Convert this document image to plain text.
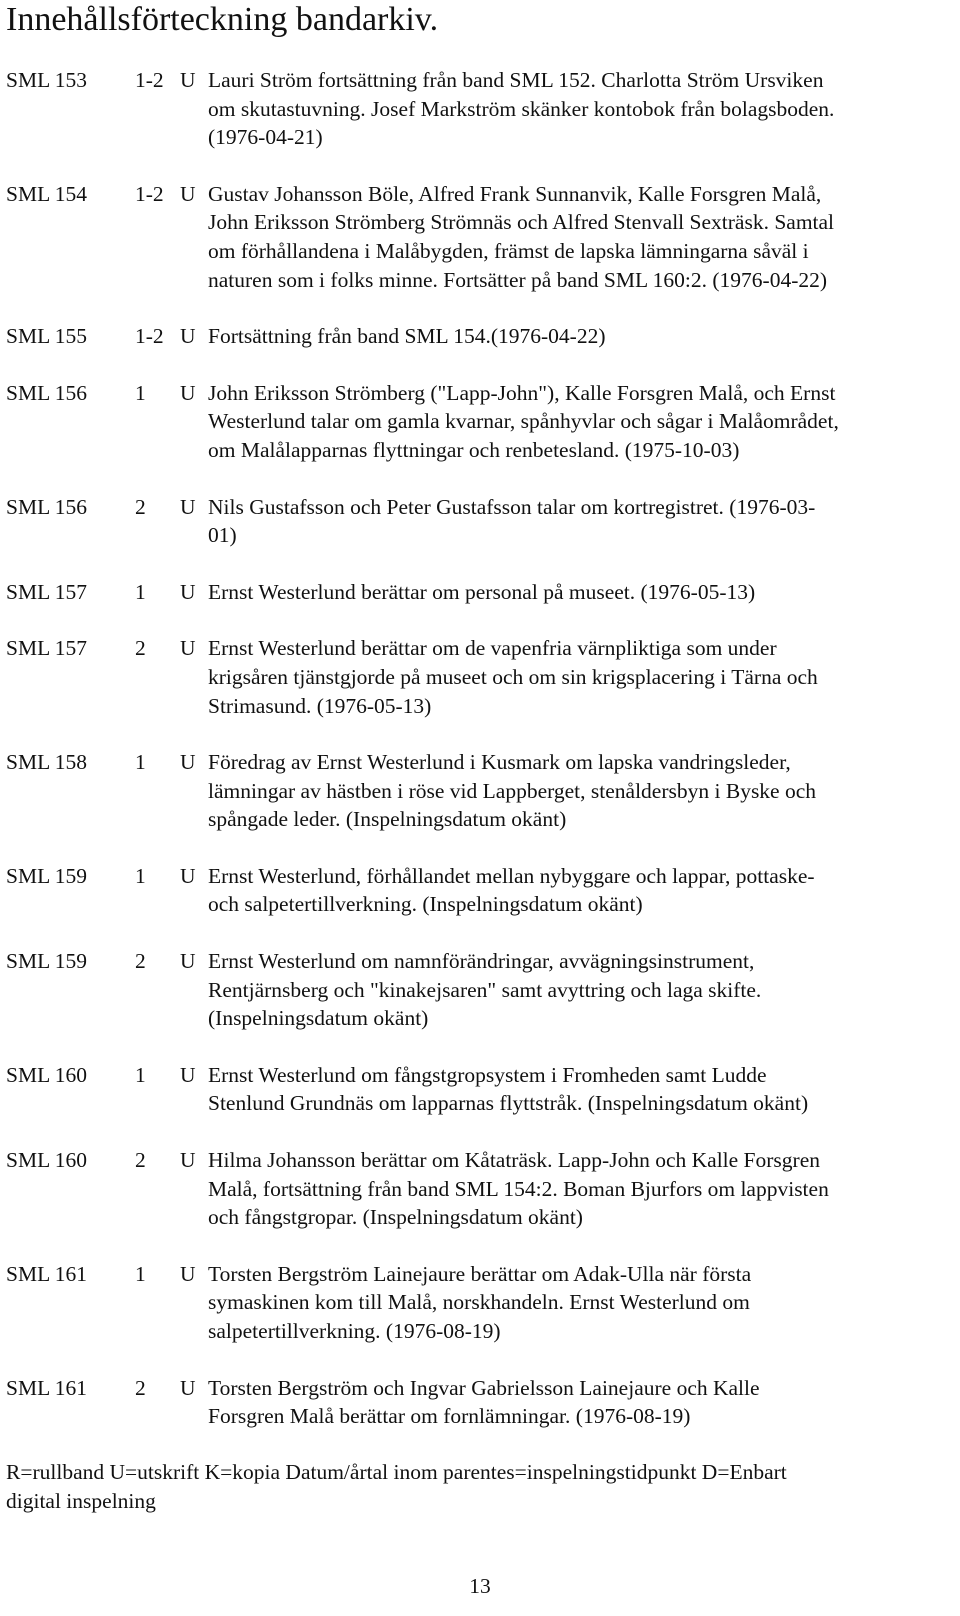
Innehållsförteckning bandarkiv.
SML 153 1-2 U Lauri Ström fortsättning från band SML 152. Charlotta Ström Ursviken
om skutastuvning. Josef Markström skänker kontobok från bolagsboden.
(1976-04-21)
SML 154 1-2 U Gustav Johansson Böle, Alfred Frank Sunnanvik, Kalle Forsgren Malå,
John Eriksson Strömberg Strömnäs och Alfred Stenvall Sexträsk. Samtal
om förhållandena i Malåbygden, främst de lapska lämningarna såväl i
naturen som i folks minne. Fortsätter på band SML 160:2. (1976-04-22)
SML 155 1-2 U Fortsättning från band SML 154.(1976-04-22)
SML 156 1 U John Eriksson Strömberg ("Lapp-John"), Kalle Forsgren Malå, och Ernst
Westerlund talar om gamla kvarnar, spånhyvlar och sågar i Malåområdet,
om Malålapparnas flyttningar och renbetesland. (1975-10-03)
SML 156 2 U Nils Gustafsson och Peter Gustafsson talar om kortregistret. (1976-03-
01)
SML 157 1 U Ernst Westerlund berättar om personal på museet. (1976-05-13)
SML 157 2 U Ernst Westerlund berättar om de vapenfria värnpliktiga som under
krigsåren tjänstgjorde på museet och om sin krigsplacering i Tärna och
Strimasund. (1976-05-13)
SML 158 1 U Föredrag av Ernst Westerlund i Kusmark om lapska vandringsleder,
lämningar av hästben i röse vid Lappberget, stenåldersbyn i Byske och
spångade leder. (Inspelningsdatum okänt)
SML 159 1 U Ernst Westerlund, förhållandet mellan nybyggare och lappar, pottaske-
och salpetertillverkning. (Inspelningsdatum okänt)
SML 159 2 U Ernst Westerlund om namnförändringar, avvägningsinstrument,
Rentjärnsberg och "kinakejsaren" samt avyttring och laga skifte.
(Inspelningsdatum okänt)
SML 160 1 U Ernst Westerlund om fångstgropsystem i Fromheden samt Ludde
Stenlund Grundnäs om lapparnas flyttstråk. (Inspelningsdatum okänt)
SML 160 2 U Hilma Johansson berättar om Kåtaträsk. Lapp-John och Kalle Forsgren
Malå, fortsättning från band SML 154:2. Boman Bjurfors om lappvisten
och fångstgropar. (Inspelningsdatum okänt)
SML 161 1 U Torsten Bergström Lainejaure berättar om Adak-Ulla när första
symaskinen kom till Malå, norskhandeln. Ernst Westerlund om
salpetertillverkning. (1976-08-19)
SML 161 2 U Torsten Bergström och Ingvar Gabrielsson Lainejaure och Kalle
Forsgren Malå berättar om fornlämningar. (1976-08-19)
R=rullband U=utskrift K=kopia Datum/årtal inom parentes=inspelningstidpunkt D=Enbart
digital inspelning
13
